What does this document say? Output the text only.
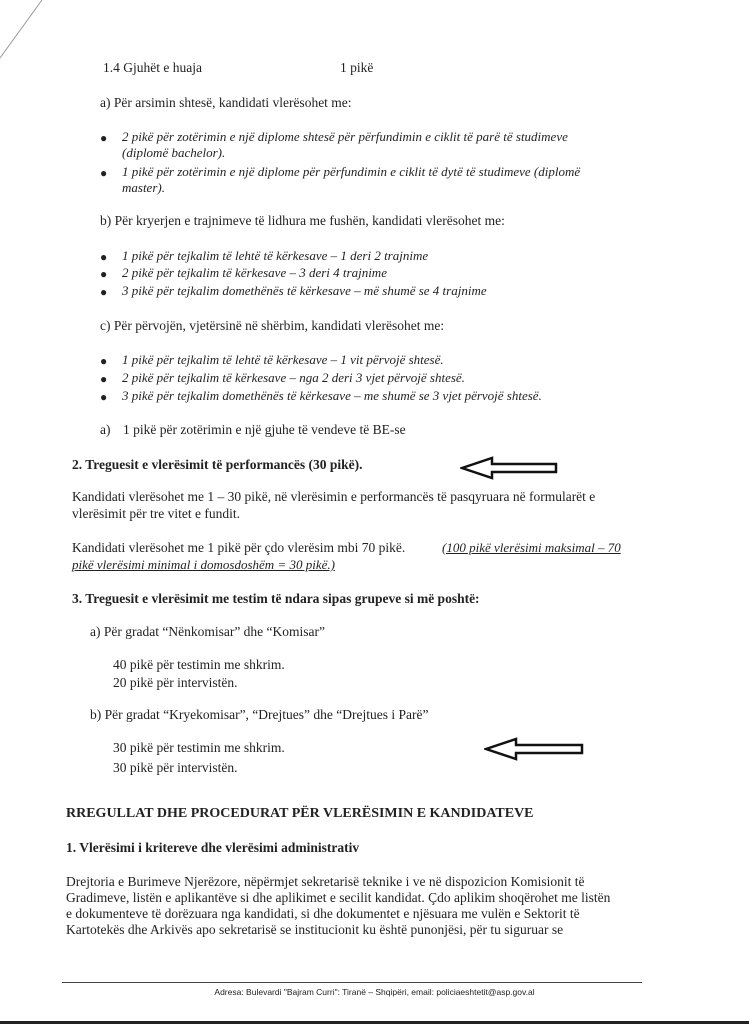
1.4 Gjuhët e huaja	1 pikë
a) Për arsimin shtesë, kandidati vlerësohet me:
● 2 pikë për zotërimin e një diplome shtesë për përfundimin e ciklit të parë të studimeve
(diplomë bachelor).
● 1 pikë për zotërimin e një diplome për përfundimin e ciklit të dytë të studimeve (diplomë
master).
b) Për kryerjen e trajnimeve të lidhura me fushën, kandidati vlerësohet me:
● 1 pikë për tejkalim të lehtë të kërkesave – 1 deri 2 trajnime
● 2 pikë për tejkalim të kërkesave – 3 deri 4 trajnime
● 3 pikë për tejkalim domethënës të kërkesave – më shumë se 4 trajnime
c) Për përvojën, vjetërsinë në shërbim, kandidati vlerësohet me:
● 1 pikë për tejkalim të lehtë të kërkesave – 1 vit përvojë shtesë.
● 2 pikë për tejkalim të kërkesave – nga 2 deri 3 vjet përvojë shtesë.
● 3 pikë për tejkalim domethënës të kërkesave – me shumë se 3 vjet përvojë shtesë.
a) 1 pikë për zotërimin e një gjuhe të vendeve të BE-se
2. Treguesit e vlerësimit të performancës (30 pikë).
Kandidati vlerësohet me 1 – 30 pikë, në vlerësimin e performancës të pasqyruara në formularët e
vlerësimit për tre vitet e fundit.
Kandidati vlerësohet me 1 pikë për çdo vlerësim mbi 70 pikë.	(100 pikë vlerësimi maksimal – 70
pikë vlerësimi minimal i domosdoshëm = 30 pikë.)
3. Treguesit e vlerësimit me testim të ndara sipas grupeve si më poshtë:
a) Për gradat “Nënkomisar” dhe “Komisar”
40 pikë për testimin me shkrim.
20 pikë për intervistën.
b) Për gradat “Kryekomisar”, “Drejtues” dhe “Drejtues i Parë”
30 pikë për testimin me shkrim.
30 pikë për intervistën.
RREGULLAT DHE PROCEDURAT PËR VLERËSIMIN E KANDIDATEVE
1. Vlerësimi i kritereve dhe vlerësimi administrativ
Drejtoria e Burimeve Njerëzore, nëpërmjet sekretarisë teknike i ve në dispozicion Komisionit të
Gradimeve, listën e aplikantëve si dhe aplikimet e secilit kandidat. Çdo aplikim shoqërohet me listën
e dokumenteve të dorëzuara nga kandidati, si dhe dokumentet e njësuara me vulën e Sektorit të
Kartotekës dhe Arkivës apo sekretarisë se institucionit ku është punonjësi, për tu siguruar se
Adresa: Bulevardi "Bajram Curri": Tiranë – Shqipëri, email: policiaeshtetit@asp.gov.al
